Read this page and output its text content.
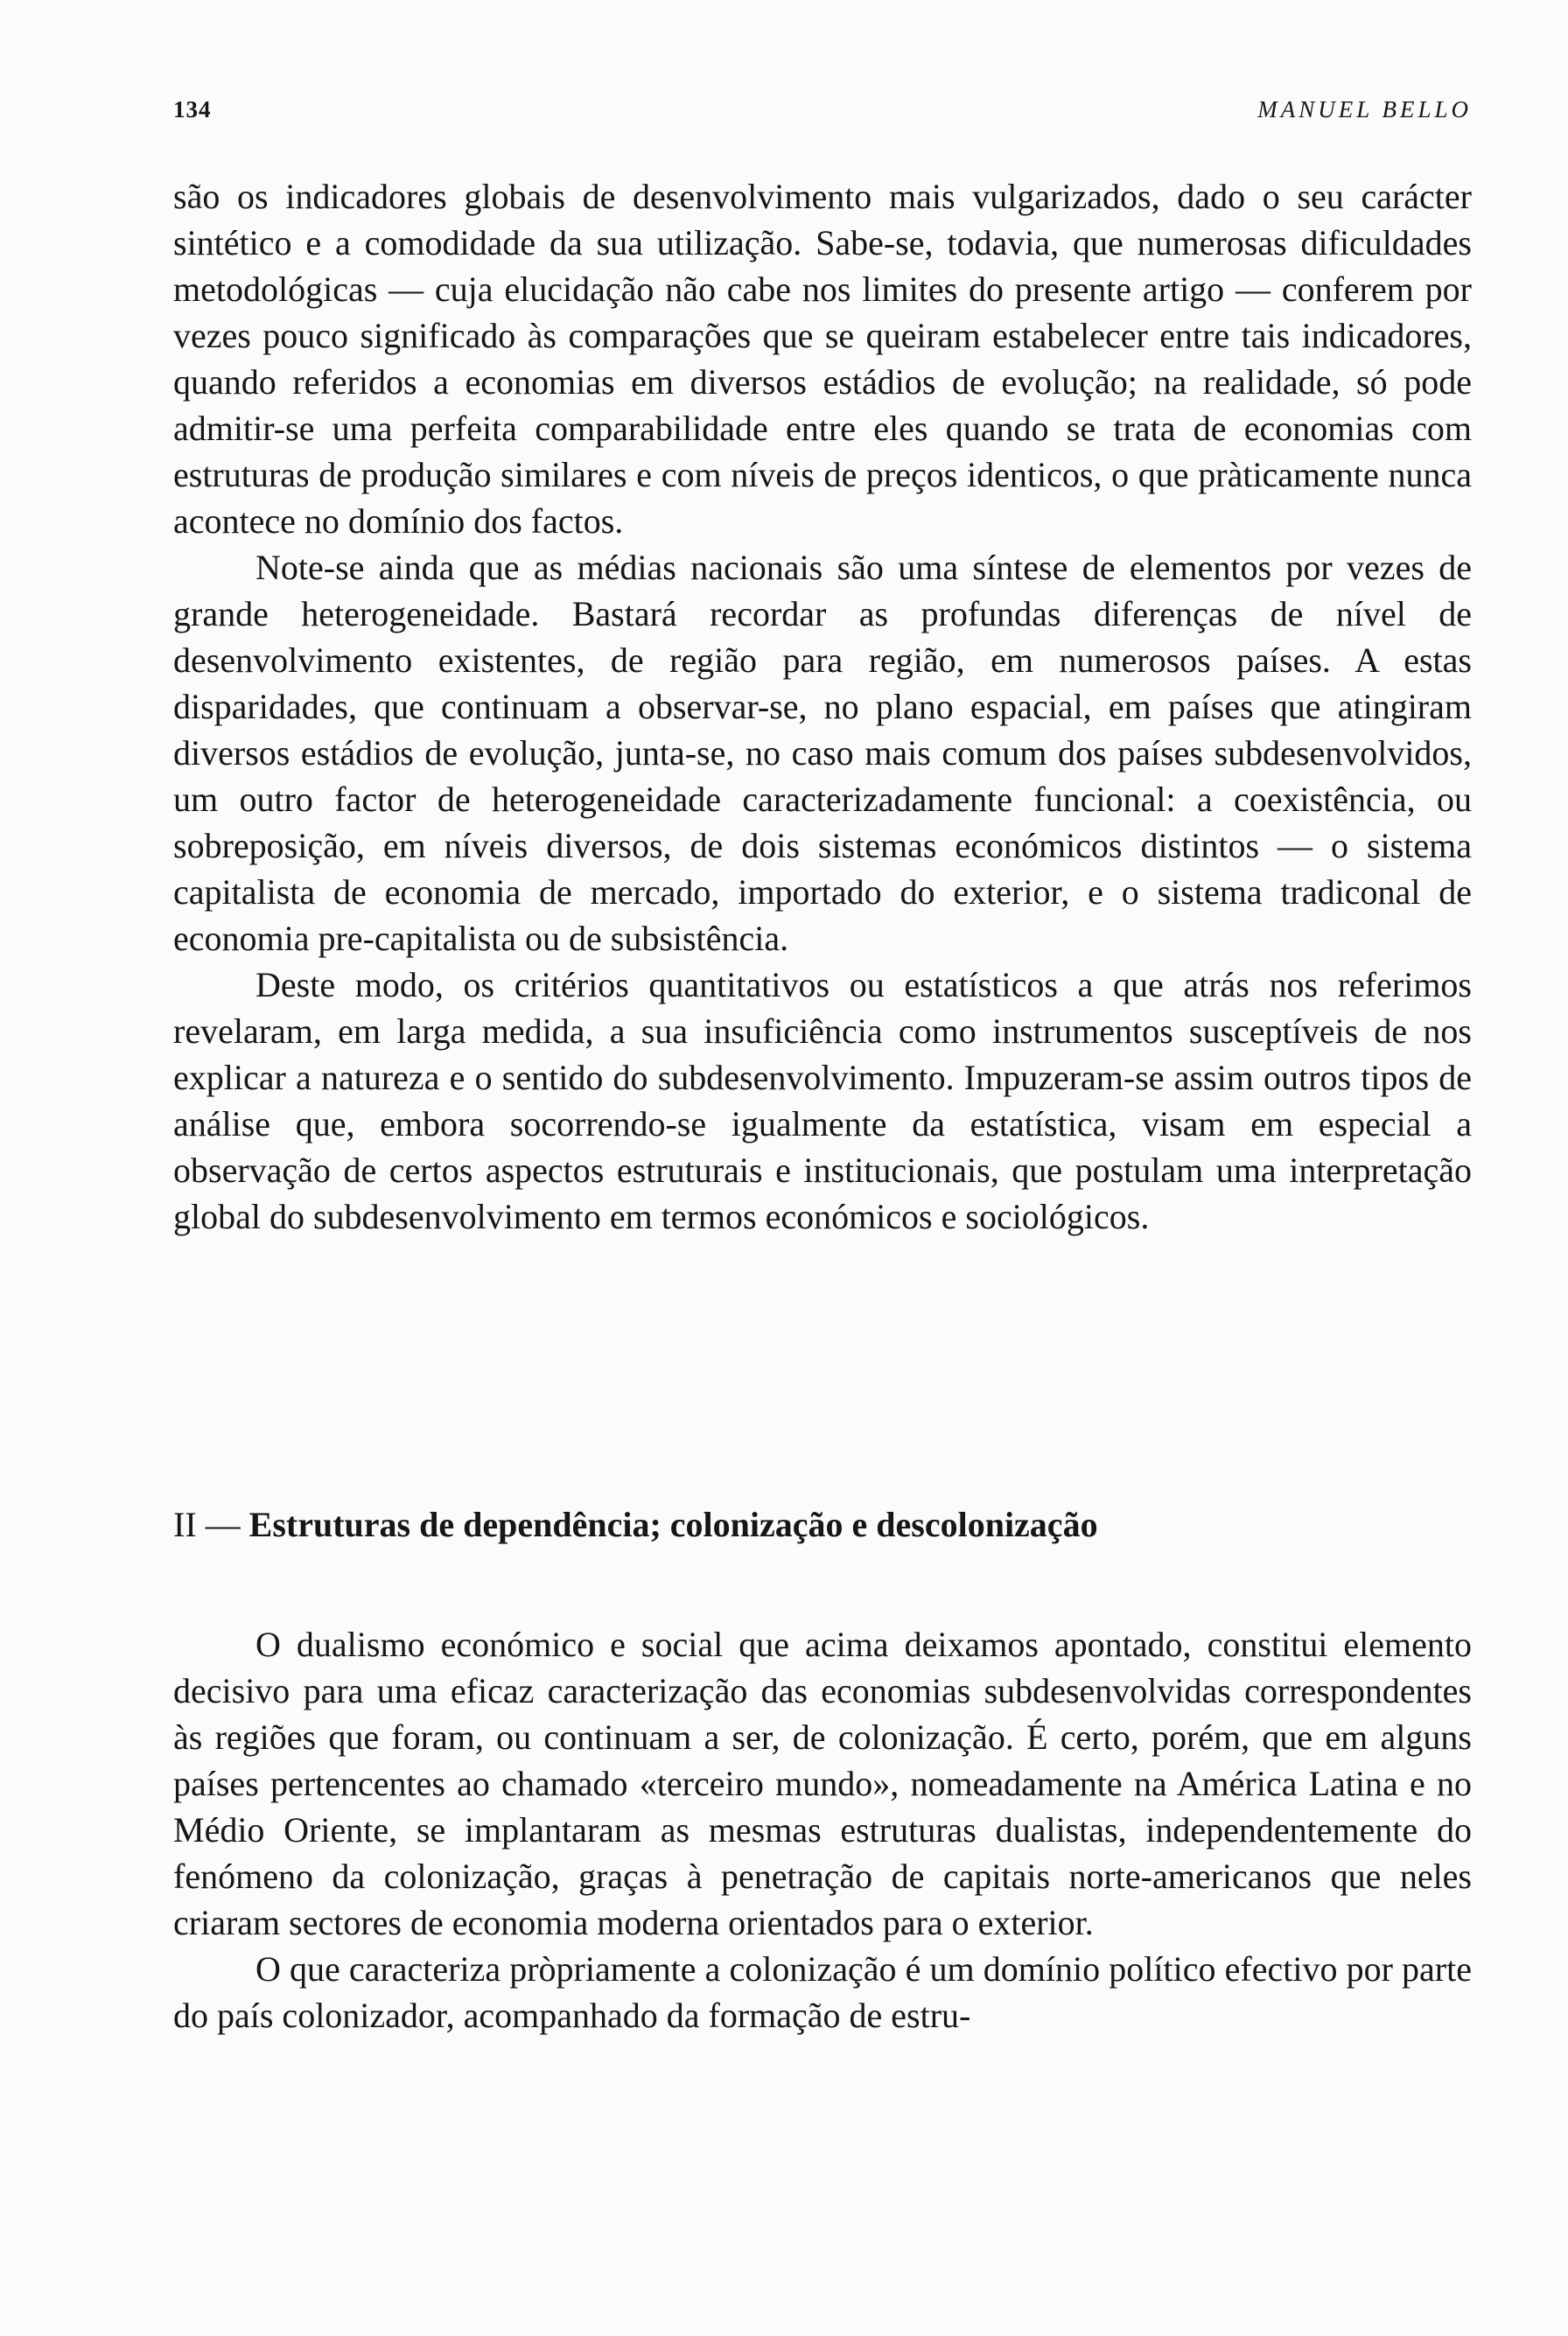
134	MANUEL BELLO

são os indicadores globais de desenvolvimento mais vulgarizados, dado o seu carácter sintético e a comodidade da sua utilização. Sabe-se, todavia, que numerosas dificuldades metodológicas — cuja elucidação não cabe nos limites do presente artigo — conferem por vezes pouco significado às comparações que se queiram estabelecer entre tais indicadores, quando referidos a economias em diversos estádios de evolução; na realidade, só pode admitir-se uma perfeita comparabilidade entre eles quando se trata de economias com estruturas de produção similares e com níveis de preços identicos, o que pràticamente nunca acontece no domínio dos factos.

Note-se ainda que as médias nacionais são uma síntese de elementos por vezes de grande heterogeneidade. Bastará recordar as profundas diferenças de nível de desenvolvimento existentes, de região para região, em numerosos países. A estas disparidades, que continuam a observar-se, no plano espacial, em países que atingiram diversos estádios de evolução, junta-se, no caso mais comum dos países subdesenvolvidos, um outro factor de heterogeneidade caracterizadamente funcional: a coexistência, ou sobreposição, em níveis diversos, de dois sistemas económicos distintos — o sistema capitalista de economia de mercado, importado do exterior, e o sistema tradiconal de economia pre-capitalista ou de subsistência.

Deste modo, os critérios quantitativos ou estatísticos a que atrás nos referimos revelaram, em larga medida, a sua insuficiência como instrumentos susceptíveis de nos explicar a natureza e o sentido do subdesenvolvimento. Impuzeram-se assim outros tipos de análise que, embora socorrendo-se igualmente da estatística, visam em especial a observação de certos aspectos estruturais e institucionais, que postulam uma interpretação global do subdesenvolvimento em termos económicos e sociológicos.

II — Estruturas de dependência; colonização e descolonização

O dualismo económico e social que acima deixamos apontado, constitui elemento decisivo para uma eficaz caracterização das economias subdesenvolvidas correspondentes às regiões que foram, ou continuam a ser, de colonização. É certo, porém, que em alguns países pertencentes ao chamado «terceiro mundo», nomeadamente na América Latina e no Médio Oriente, se implantaram as mesmas estruturas dualistas, independentemente do fenómeno da colonização, graças à penetração de capitais norte-americanos que neles criaram sectores de economia moderna orientados para o exterior.

O que caracteriza pròpriamente a colonização é um domínio político efectivo por parte do país colonizador, acompanhado da formação de estru-
